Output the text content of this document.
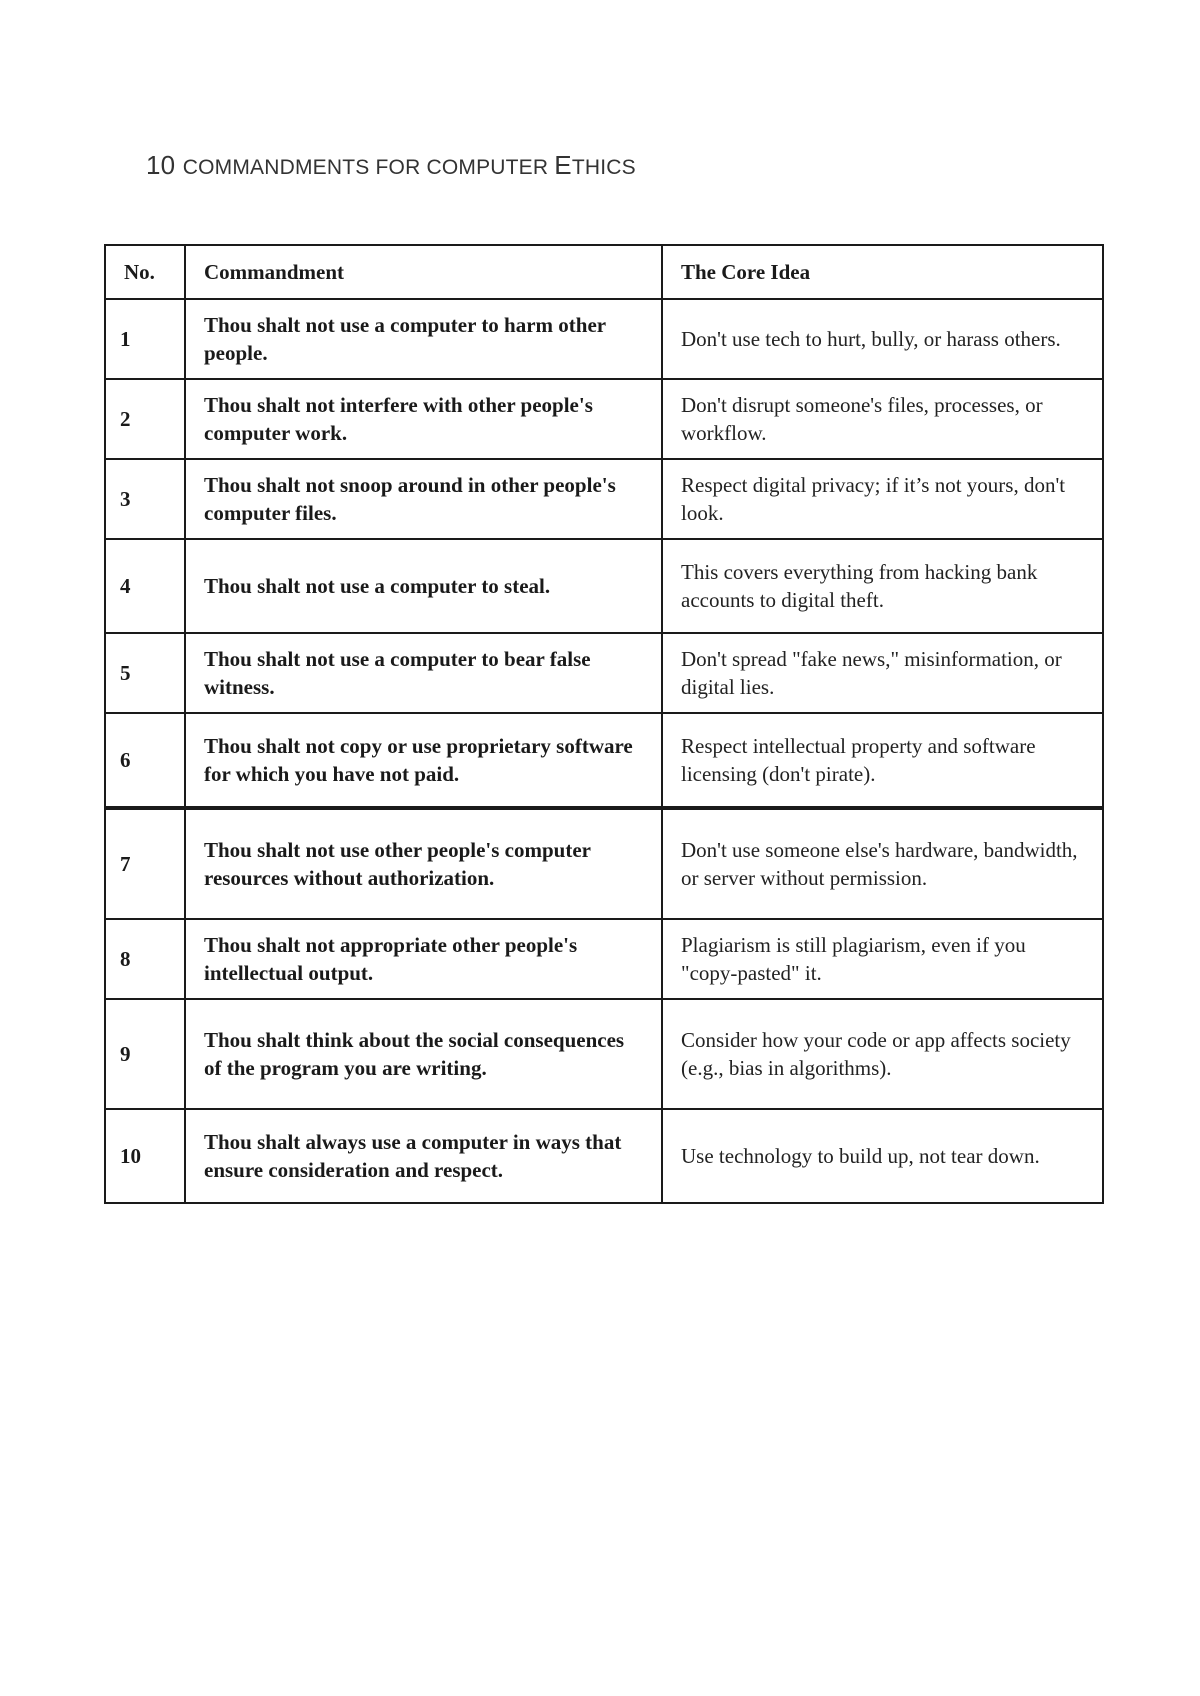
10 COMMANDMENTS FOR COMPUTER ETHICS
No.	Commandment	The Core Idea
1	Thou shalt not use a computer to harm other people.	Don't use tech to hurt, bully, or harass others.
2	Thou shalt not interfere with other people's computer work.	Don't disrupt someone's files, processes, or workflow.
3	Thou shalt not snoop around in other people's computer files.	Respect digital privacy; if it’s not yours, don't look.
4	Thou shalt not use a computer to steal.	This covers everything from hacking bank accounts to digital theft.
5	Thou shalt not use a computer to bear false witness.	Don't spread "fake news," misinformation, or digital lies.
6	Thou shalt not copy or use proprietary software for which you have not paid.	Respect intellectual property and software licensing (don't pirate).
7	Thou shalt not use other people's computer resources without authorization.	Don't use someone else's hardware, bandwidth, or server without permission.
8	Thou shalt not appropriate other people's intellectual output.	Plagiarism is still plagiarism, even if you "copy-pasted" it.
9	Thou shalt think about the social consequences of the program you are writing.	Consider how your code or app affects society (e.g., bias in algorithms).
10	Thou shalt always use a computer in ways that ensure consideration and respect.	Use technology to build up, not tear down.
